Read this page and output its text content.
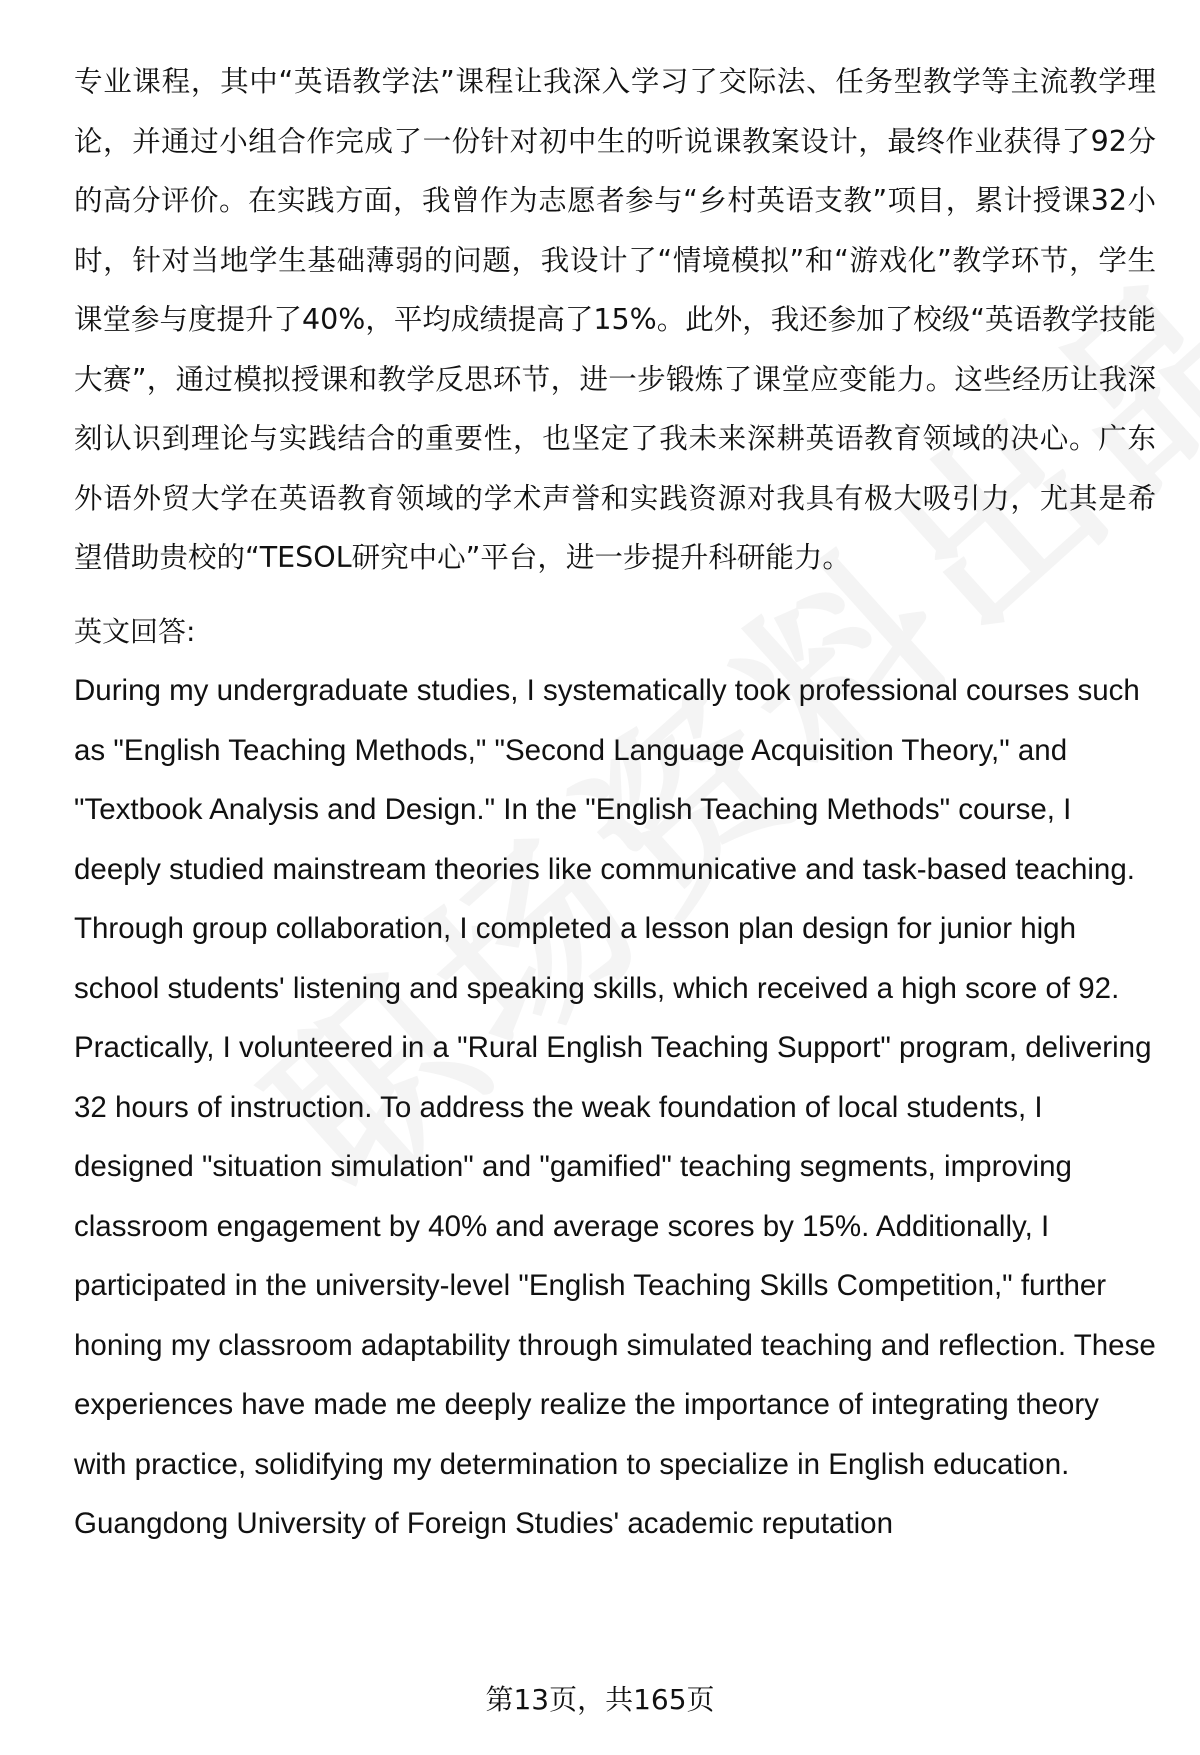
专业课程，其中“英语教学法”课程让我深入学习了交际法、任务型教学等主流教学理论，并通过小组合作完成了一份针对初中生的听说课教案设计，最终作业获得了92分的高分评价。在实践方面，我曾作为志愿者参与“乡村英语支教”项目，累计授课32小时，针对当地学生基础薄弱的问题，我设计了“情境模拟”和“游戏化”教学环节，学生课堂参与度提升了40%，平均成绩提高了15%。此外，我还参加了校级“英语教学技能大赛”，通过模拟授课和教学反思环节，进一步锻炼了课堂应变能力。这些经历让我深刻认识到理论与实践结合的重要性，也坚定了我未来深耕英语教育领域的决心。广东外语外贸大学在英语教育领域的学术声誉和实践资源对我具有极大吸引力，尤其是希望借助贵校的“TESOL研究中心”平台，进一步提升科研能力。

英文回答:

During my undergraduate studies, I systematically took professional courses such as "English Teaching Methods," "Second Language Acquisition Theory," and "Textbook Analysis and Design." In the "English Teaching Methods" course, I deeply studied mainstream theories like communicative and task-based teaching. Through group collaboration, I completed a lesson plan design for junior high school students' listening and speaking skills, which received a high score of 92. Practically, I volunteered in a "Rural English Teaching Support" program, delivering 32 hours of instruction. To address the weak foundation of local students, I designed "situation simulation" and "gamified" teaching segments, improving classroom engagement by 40% and average scores by 15%. Additionally, I participated in the university-level "English Teaching Skills Competition," further honing my classroom adaptability through simulated teaching and reflection. These experiences have made me deeply realize the importance of integrating theory with practice, solidifying my determination to specialize in English education. Guangdong University of Foreign Studies' academic reputation

第13页，共165页
